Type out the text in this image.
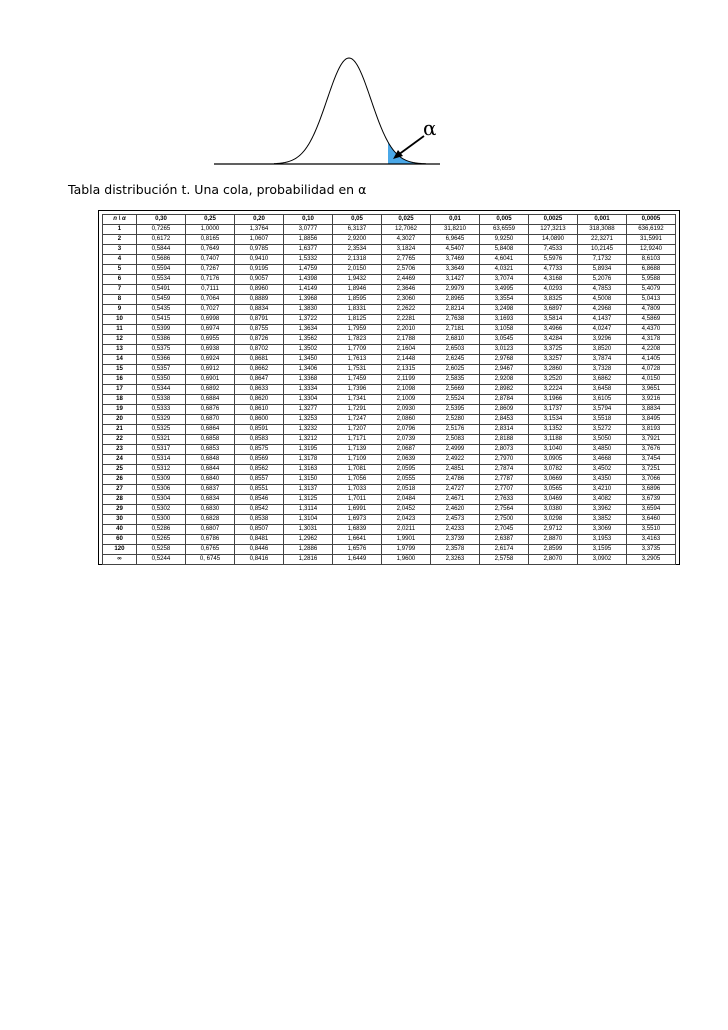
α

Tabla distribución t. Una cola, probabilidad en α

n \ α	0,30	0,25	0,20	0,10	0,05	0,025	0,01	0,005	0,0025	0,001	0,0005
1	0,7265	1,0000	1,3764	3,0777	6,3137	12,7062	31,8210	63,6559	127,3213	318,3088	636,6192
2	0,6172	0,8165	1,0607	1,8856	2,9200	4,3027	6,9645	9,9250	14,0890	22,3271	31,5991
3	0,5844	0,7649	0,9785	1,6377	2,3534	3,1824	4,5407	5,8408	7,4533	10,2145	12,9240
4	0,5686	0,7407	0,9410	1,5332	2,1318	2,7765	3,7469	4,6041	5,5976	7,1732	8,6103
5	0,5594	0,7267	0,9195	1,4759	2,0150	2,5706	3,3649	4,0321	4,7733	5,8934	6,8688
6	0,5534	0,7176	0,9057	1,4398	1,9432	2,4469	3,1427	3,7074	4,3168	5,2076	5,9588
7	0,5491	0,7111	0,8960	1,4149	1,8946	2,3646	2,9979	3,4995	4,0293	4,7853	5,4079
8	0,5459	0,7064	0,8889	1,3968	1,8595	2,3060	2,8965	3,3554	3,8325	4,5008	5,0413
9	0,5435	0,7027	0,8834	1,3830	1,8331	2,2622	2,8214	3,2498	3,6897	4,2968	4,7809
10	0,5415	0,6998	0,8791	1,3722	1,8125	2,2281	2,7638	3,1693	3,5814	4,1437	4,5869
11	0,5399	0,6974	0,8755	1,3634	1,7959	2,2010	2,7181	3,1058	3,4966	4,0247	4,4370
12	0,5386	0,6955	0,8726	1,3562	1,7823	2,1788	2,6810	3,0545	3,4284	3,9296	4,3178
13	0,5375	0,6938	0,8702	1,3502	1,7709	2,1604	2,6503	3,0123	3,3725	3,8520	4,2208
14	0,5366	0,6924	0,8681	1,3450	1,7613	2,1448	2,6245	2,9768	3,3257	3,7874	4,1405
15	0,5357	0,6912	0,8662	1,3406	1,7531	2,1315	2,6025	2,9467	3,2860	3,7328	4,0728
16	0,5350	0,6901	0,8647	1,3368	1,7459	2,1199	2,5835	2,9208	3,2520	3,6862	4,0150
17	0,5344	0,6892	0,8633	1,3334	1,7396	2,1098	2,5669	2,8982	3,2224	3,6458	3,9651
18	0,5338	0,6884	0,8620	1,3304	1,7341	2,1009	2,5524	2,8784	3,1966	3,6105	3,9216
19	0,5333	0,6876	0,8610	1,3277	1,7291	2,0930	2,5395	2,8609	3,1737	3,5794	3,8834
20	0,5329	0,6870	0,8600	1,3253	1,7247	2,0860	2,5280	2,8453	3,1534	3,5518	3,8495
21	0,5325	0,6864	0,8591	1,3232	1,7207	2,0796	2,5176	2,8314	3,1352	3,5272	3,8193
22	0,5321	0,6858	0,8583	1,3212	1,7171	2,0739	2,5083	2,8188	3,1188	3,5050	3,7921
23	0,5317	0,6853	0,8575	1,3195	1,7139	2,0687	2,4999	2,8073	3,1040	3,4850	3,7676
24	0,5314	0,6848	0,8569	1,3178	1,7109	2,0639	2,4922	2,7970	3,0905	3,4668	3,7454
25	0,5312	0,6844	0,8562	1,3163	1,7081	2,0595	2,4851	2,7874	3,0782	3,4502	3,7251
26	0,5309	0,6840	0,8557	1,3150	1,7056	2,0555	2,4786	2,7787	3,0669	3,4350	3,7066
27	0,5306	0,6837	0,8551	1,3137	1,7033	2,0518	2,4727	2,7707	3,0565	3,4210	3,6896
28	0,5304	0,6834	0,8546	1,3125	1,7011	2,0484	2,4671	2,7633	3,0469	3,4082	3,6739
29	0,5302	0,6830	0,8542	1,3114	1,6991	2,0452	2,4620	2,7564	3,0380	3,3962	3,6594
30	0,5300	0,6828	0,8538	1,3104	1,6973	2,0423	2,4573	2,7500	3,0298	3,3852	3,6460
40	0,5286	0,6807	0,8507	1,3031	1,6839	2,0211	2,4233	2,7045	2,9712	3,3069	3,5510
60	0,5265	0,6786	0,8481	1,2962	1,6641	1,9901	2,3739	2,6387	2,8870	3,1953	3,4163
120	0,5258	0,6765	0,8446	1,2886	1,6576	1,9799	2,3578	2,6174	2,8599	3,1595	3,3735
∞	0,5244	0, 6745	0,8416	1,2816	1,6449	1,9600	2,3263	2,5758	2,8070	3,0902	3,2905
